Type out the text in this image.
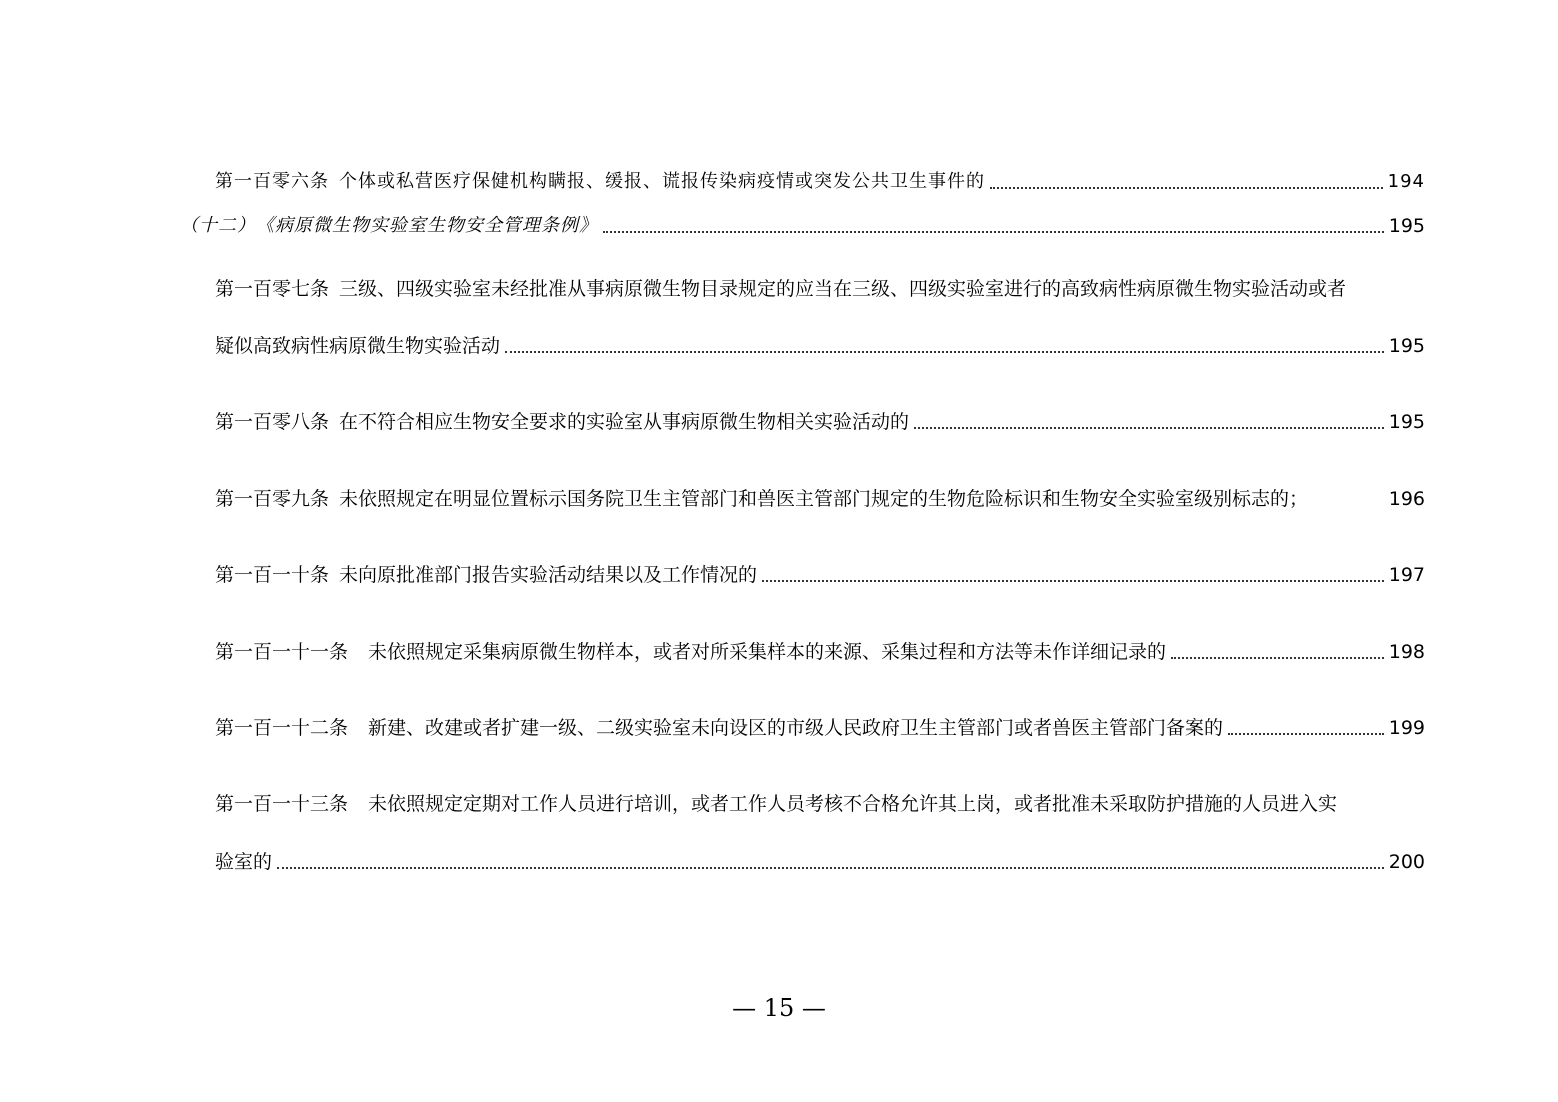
第一百零六条 个体或私营医疗保健机构瞒报、缓报、谎报传染病疫情或突发公共卫生事件的	194
（十二） 《病原微生物实验室生物安全管理条例》	195
第一百零七条 三级、四级实验室未经批准从事病原微生物目录规定的应当在三级、四级实验室进行的高致病性病原微生物实验活动或者
疑似高致病性病原微生物实验活动	195
第一百零八条 在不符合相应生物安全要求的实验室从事病原微生物相关实验活动的	195
第一百零九条 未依照规定在明显位置标示国务院卫生主管部门和兽医主管部门规定的生物危险标识和生物安全实验室级别标志的；	196
第一百一十条 未向原批准部门报告实验活动结果以及工作情况的	197
第一百一十一条 未依照规定采集病原微生物样本，或者对所采集样本的来源、采集过程和方法等未作详细记录的	198
第一百一十二条 新建、改建或者扩建一级、二级实验室未向设区的市级人民政府卫生主管部门或者兽医主管部门备案的	199
第一百一十三条 未依照规定定期对工作人员进行培训，或者工作人员考核不合格允许其上岗，或者批准未采取防护措施的人员进入实
验室的	200
— 15 —
